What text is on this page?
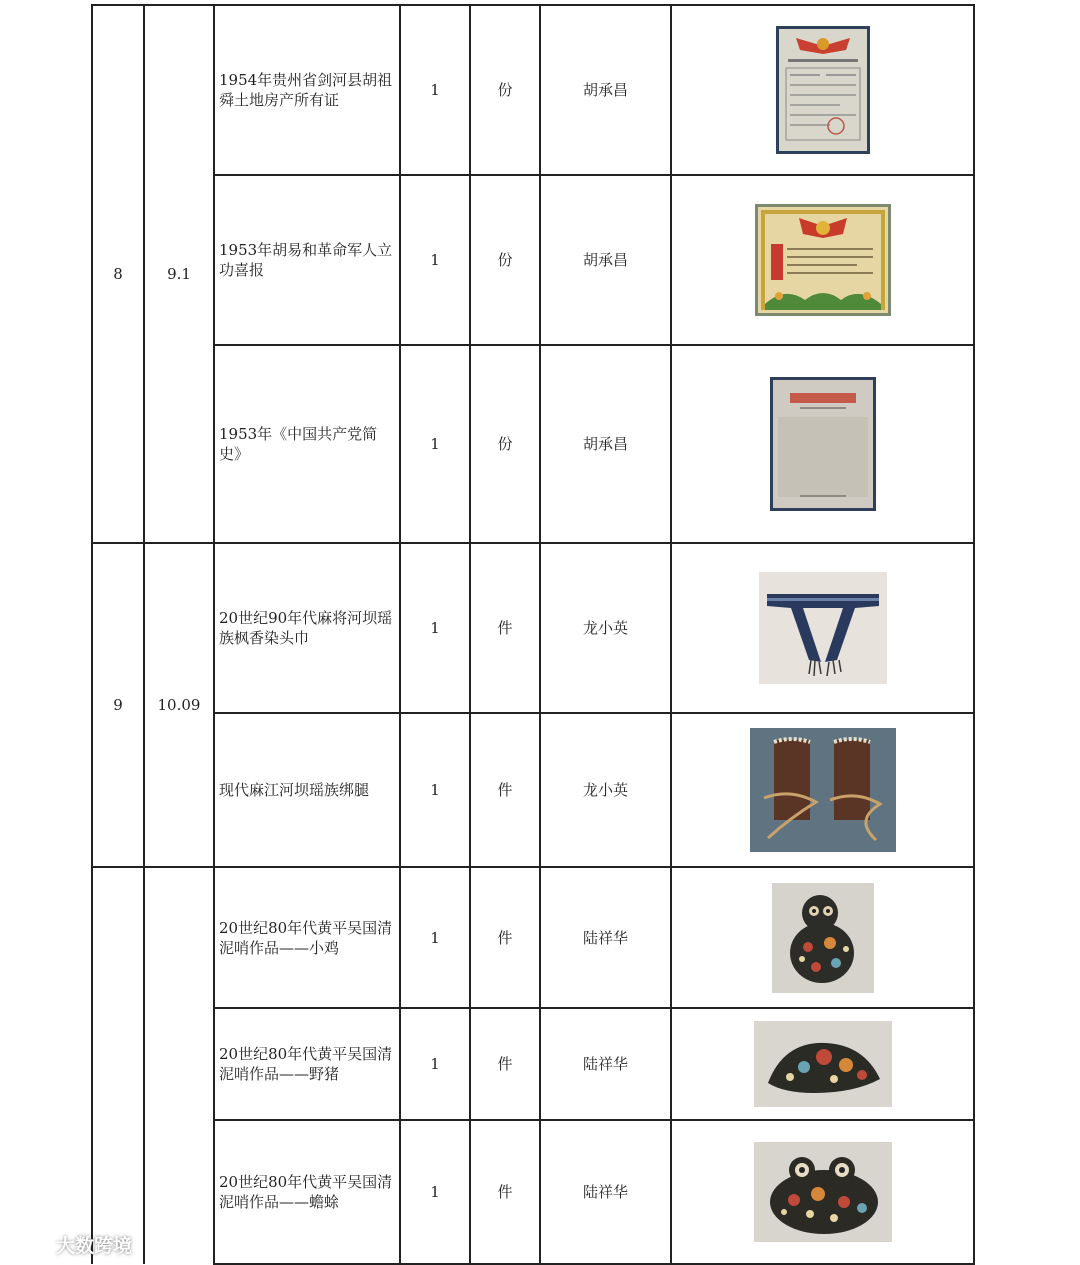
8	9.1	1954年贵州省剑河县胡祖舜土地房产所有证	1	份	胡承昌	
		1953年胡易和革命军人立功喜报	1	份	胡承昌	
		1953年《中国共产党简史》	1	份	胡承昌	
9	10.09	20世纪90年代麻将河坝瑶族枫香染头巾	1	件	龙小英	
		现代麻江河坝瑶族绑腿	1	件	龙小英	
		20世纪80年代黄平吴国清泥哨作品——小鸡	1	件	陆祥华	
		20世纪80年代黄平吴国清泥哨作品——野猪	1	件	陆祥华	
		20世纪80年代黄平吴国清泥哨作品——蟾蜍	1	件	陆祥华	
大数跨境
